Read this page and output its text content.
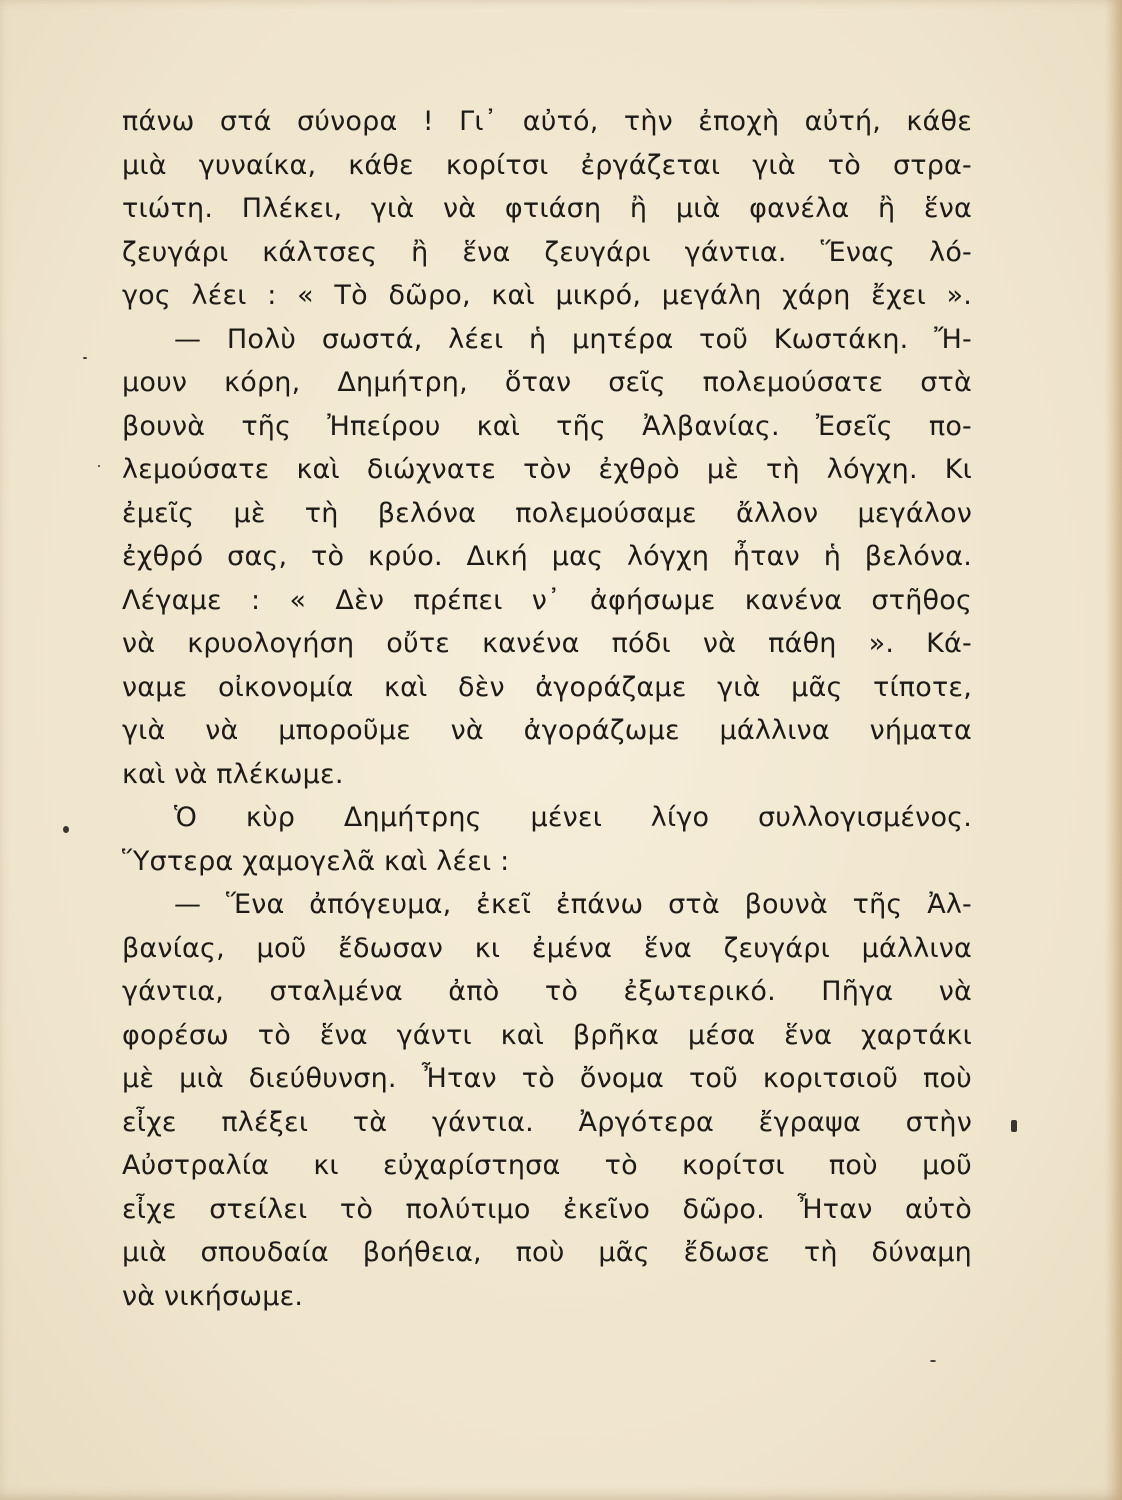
πάνω στά σύνορα ! Γι᾽ αὐτό, τὴν ἐποχὴ αὐτή, κάθε
μιὰ γυναίκα, κάθε κορίτσι ἐργάζεται γιὰ τὸ στρα-
τιώτη. Πλέκει, γιὰ νὰ φτιάση ἢ μιὰ φανέλα ἢ ἕνα
ζευγάρι κάλτσες ἢ ἕνα ζευγάρι γάντια. Ἕνας λό-
γος λέει : « Τὸ δῶρο, καὶ μικρό, μεγάλη χάρη ἔχει ».
— Πολὺ σωστά, λέει ἡ μητέρα τοῦ Κωστάκη. Ἤ-
μουν κόρη, Δημήτρη, ὅταν σεῖς πολεμούσατε στὰ
βουνὰ τῆς Ἠπείρου καὶ τῆς Ἀλβανίας. Ἐσεῖς πο-
λεμούσατε καὶ διώχνατε τὸν ἐχθρὸ μὲ τὴ λόγχη. Κι
ἐμεῖς μὲ τὴ βελόνα πολεμούσαμε ἄλλον μεγάλον
ἐχθρό σας, τὸ κρύο. Δική μας λόγχη ἦταν ἡ βελόνα.
Λέγαμε : « Δὲν πρέπει ν᾽ ἀφήσωμε κανένα στῆθος
νὰ κρυολογήση οὔτε κανένα πόδι νὰ πάθη ». Κά-
ναμε οἰκονομία καὶ δὲν ἀγοράζαμε γιὰ μᾶς τίποτε,
γιὰ νὰ μποροῦμε νὰ ἀγοράζωμε μάλλινα νήματα
καὶ νὰ πλέκωμε.
Ὁ κὺρ Δημήτρης μένει λίγο συλλογισμένος.
Ὕστερα χαμογελᾶ καὶ λέει :
— Ἕνα ἀπόγευμα, ἐκεῖ ἐπάνω στὰ βουνὰ τῆς Ἀλ-
βανίας, μοῦ ἔδωσαν κι ἐμένα ἕνα ζευγάρι μάλλινα
γάντια, σταλμένα ἀπὸ τὸ ἐξωτερικό. Πῆγα νὰ
φορέσω τὸ ἕνα γάντι καὶ βρῆκα μέσα ἕνα χαρτάκι
μὲ μιὰ διεύθυνση. Ἦταν τὸ ὄνομα τοῦ κοριτσιοῦ ποὺ
εἶχε πλέξει τὰ γάντια. Ἀργότερα ἔγραψα στὴν
Αὐστραλία κι εὐχαρίστησα τὸ κορίτσι ποὺ μοῦ
εἶχε στείλει τὸ πολύτιμο ἐκεῖνο δῶρο. Ἦταν αὐτὸ
μιὰ σπουδαία βοήθεια, ποὺ μᾶς ἔδωσε τὴ δύναμη
νὰ νικήσωμε.
